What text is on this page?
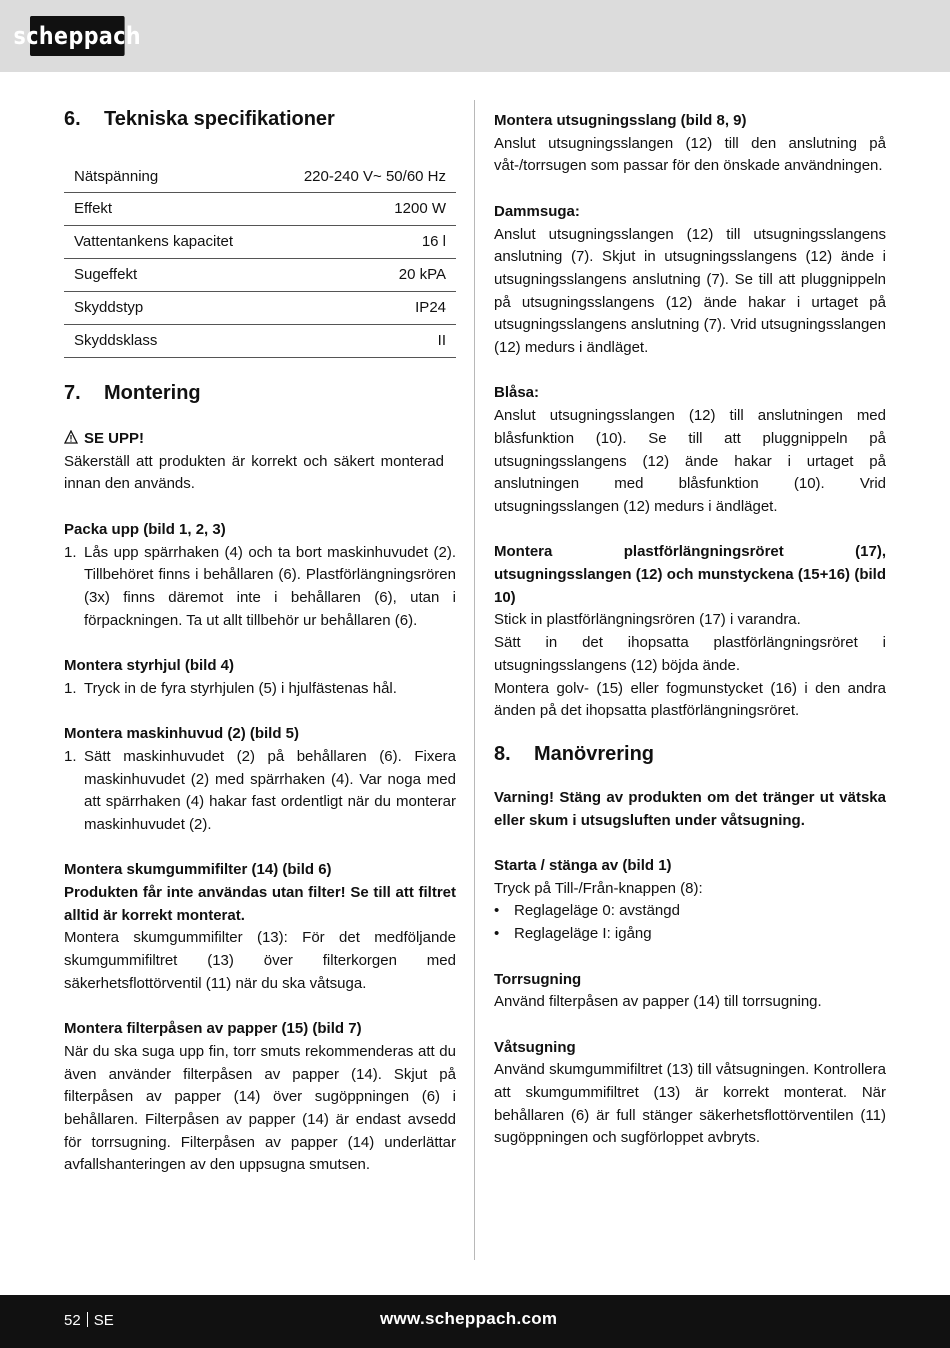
scheppach
6.	Tekniska specifikationer
Nätspänning	220-240 V~ 50/60 Hz
Effekt	1200 W
Vattentankens kapacitet	16 l
Sugeffekt	20 kPA
Skyddstyp	IP24
Skyddsklass	II
7.	Montering

SE UPP!

Säkerställ att produkten är korrekt och säkert monterad innan den används.

Packa upp (bild 1, 2, 3)

1. Lås upp spärrhaken (4) och ta bort maskinhuvudet (2). Tillbehöret finns i behållaren (6). Plastförlängningsrören (3x) finns däremot inte i behållaren (6), utan i förpackningen. Ta ut allt tillbehör ur behållaren (6).

Montera styrhjul (bild 4)

1. Tryck in de fyra styrhjulen (5) i hjulfästenas hål.

Montera maskinhuvud (2) (bild 5)

1. Sätt maskinhuvudet (2) på behållaren (6). Fixera maskinhuvudet (2) med spärrhaken (4). Var noga med att spärrhaken (4) hakar fast ordentligt när du monterar maskinhuvudet (2).

Montera skumgummifilter (14) (bild 6)

Produkten får inte användas utan filter! Se till att filtret alltid är korrekt monterat.

Montera skumgummifilter (13): För det medföljande skumgummifiltret (13) över filterkorgen med säkerhetsflottörventil (11) när du ska våtsuga.

Montera filterpåsen av papper (15) (bild 7)

När du ska suga upp fin, torr smuts rekommenderas att du även använder filterpåsen av papper (14). Skjut på filterpåsen av papper (14) över sugöppningen (6) i behållaren. Filterpåsen av papper (14) är endast avsedd för torrsugning. Filterpåsen av papper (14) underlättar avfallshanteringen av den uppsugna smutsen.

Montera utsugningsslang (bild 8, 9)

Anslut utsugningsslangen (12) till den anslutning på våt-/torrsugen som passar för den önskade användningen.

Dammsuga:

Anslut utsugningsslangen (12) till utsugningsslangens anslutning (7). Skjut in utsugningsslangens (12) ände i utsugningsslangens anslutning (7). Se till att pluggnippeln på utsugningsslangens (12) ände hakar i urtaget på utsugningsslangens anslutning (7). Vrid utsugningsslangen (12) medurs i ändläget.

Blåsa:

Anslut utsugningsslangen (12) till anslutningen med blåsfunktion (10). Se till att pluggnippeln på utsugningsslangens (12) ände hakar i urtaget på anslutningen med blåsfunktion (10). Vrid utsugningsslangen (12) medurs i ändläget.

Montera plastförlängningsröret (17), utsugningsslangen (12) och munstyckena (15+16) (bild 10)

Stick in plastförlängningsrören (17) i varandra.

Sätt in det ihopsatta plastförlängningsröret i utsugningsslangens (12) böjda ände.

Montera golv- (15) eller fogmunstycket (16) i den andra änden på det ihopsatta plastförlängningsröret.

8.	Manövrering

Varning! Stäng av produkten om det tränger ut vätska eller skum i utsugsluften under våtsugning.

Starta / stänga av (bild 1)

Tryck på Till-/Från-knappen (8):

• Reglageläge 0: avstängd
• Reglageläge I: igång

Torrsugning

Använd filterpåsen av papper (14) till torrsugning.

Våtsugning

Använd skumgummifiltret (13) till våtsugningen. Kontrollera att skumgummifiltret (13) är korrekt monterat. När behållaren (6) är full stänger säkerhetsflottörventilen (11) sugöppningen och sugförloppet avbryts.

52 SE	www.scheppach.com
